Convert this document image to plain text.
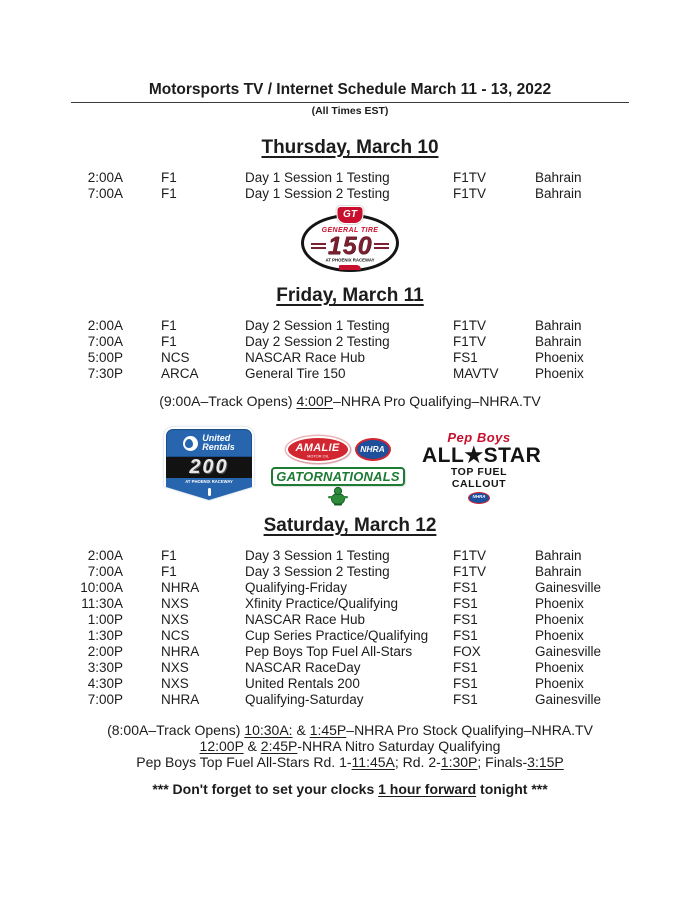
Motorsports TV / Internet Schedule March 11 - 13, 2022
(All Times EST)
Thursday, March 10
2:00A	F1	Day 1 Session 1 Testing	F1TV	Bahrain
7:00A	F1	Day 1 Session 2 Testing	F1TV	Bahrain
GT
GENERAL TIRE
150
AT PHOENIX RACEWAY
Friday, March 11
2:00A	F1	Day 2 Session 1 Testing	F1TV	Bahrain
7:00A	F1	Day 2 Session 2 Testing	F1TV	Bahrain
5:00P	NCS	NASCAR Race Hub	FS1	Phoenix
7:30P	ARCA	General Tire 150	MAVTV	Phoenix

(9:00A–Track Opens) 4:00P–NHRA Pro Qualifying–NHRA.TV

United
Rentals
200
AT PHOENIX RACEWAY
AMALIE
MOTOR OIL
NHRA
GATORNATIONALS
Pep Boys
ALL★STAR
TOP FUEL CALLOUT
NHRA
Saturday, March 12
2:00A	F1	Day 3 Session 1 Testing	F1TV	Bahrain
7:00A	F1	Day 3 Session 2 Testing	F1TV	Bahrain
10:00A	NHRA	Qualifying-Friday	FS1	Gainesville
11:30A	NXS	Xfinity Practice/Qualifying	FS1	Phoenix
1:00P	NXS	NASCAR Race Hub	FS1	Phoenix
1:30P	NCS	Cup Series Practice/Qualifying	FS1	Phoenix
2:00P	NHRA	Pep Boys Top Fuel All-Stars	FOX	Gainesville
3:30P	NXS	NASCAR RaceDay	FS1	Phoenix
4:30P	NXS	United Rentals 200	FS1	Phoenix
7:00P	NHRA	Qualifying-Saturday	FS1	Gainesville

(8:00A–Track Opens) 10:30A: & 1:45P–NHRA Pro Stock Qualifying–NHRA.TV

12:00P & 2:45P-NHRA Nitro Saturday Qualifying

Pep Boys Top Fuel All-Stars Rd. 1-11:45A; Rd. 2-1:30P; Finals-3:15P

*** Don't forget to set your clocks 1 hour forward tonight ***
